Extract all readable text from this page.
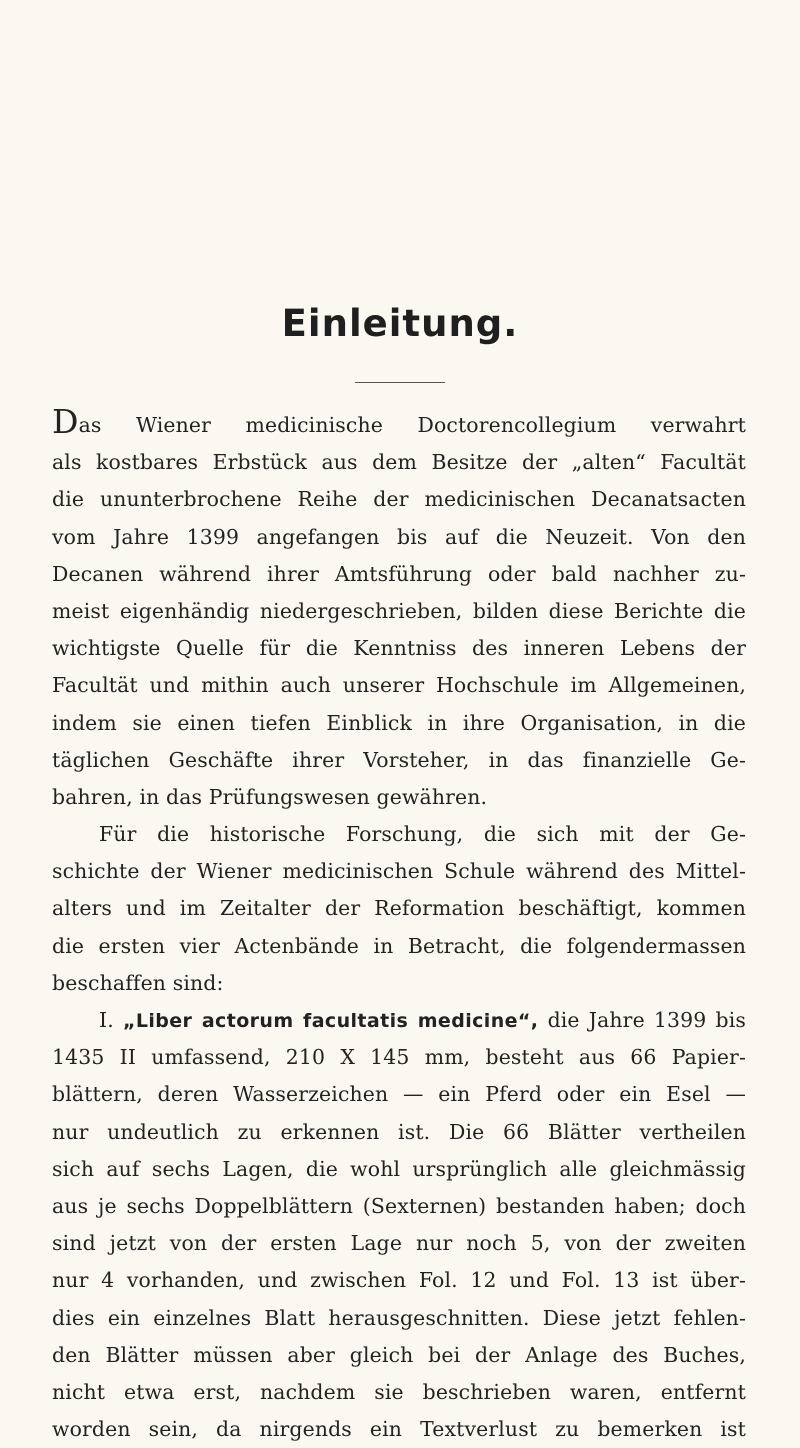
Einleitung.
Das Wiener medicinische Doctorencollegium verwahrt
als kostbares Erbstück aus dem Besitze der „alten“ Facultät
die ununterbrochene Reihe der medicinischen Decanatsacten
vom Jahre 1399 angefangen bis auf die Neuzeit. Von den
Decanen während ihrer Amtsführung oder bald nachher zu-
meist eigenhändig niedergeschrieben, bilden diese Berichte die
wichtigste Quelle für die Kenntniss des inneren Lebens der
Facultät und mithin auch unserer Hochschule im Allgemeinen,
indem sie einen tiefen Einblick in ihre Organisation, in die
täglichen Geschäfte ihrer Vorsteher, in das finanzielle Ge-
bahren, in das Prüfungswesen gewähren.
Für die historische Forschung, die sich mit der Ge-
schichte der Wiener medicinischen Schule während des Mittel-
alters und im Zeitalter der Reformation beschäftigt, kommen
die ersten vier Actenbände in Betracht, die folgendermassen
beschaffen sind:
I. „Liber actorum facultatis medicine“, die Jahre 1399 bis
1435 II umfassend, 210 X 145 mm, besteht aus 66 Papier-
blättern, deren Wasserzeichen — ein Pferd oder ein Esel —
nur undeutlich zu erkennen ist. Die 66 Blätter vertheilen
sich auf sechs Lagen, die wohl ursprünglich alle gleichmässig
aus je sechs Doppelblättern (Sexternen) bestanden haben; doch
sind jetzt von der ersten Lage nur noch 5, von der zweiten
nur 4 vorhanden, und zwischen Fol. 12 und Fol. 13 ist über-
dies ein einzelnes Blatt herausgeschnitten. Diese jetzt fehlen-
den Blätter müssen aber gleich bei der Anlage des Buches,
nicht etwa erst, nachdem sie beschrieben waren, entfernt
worden sein, da nirgends ein Textverlust zu bemerken ist
